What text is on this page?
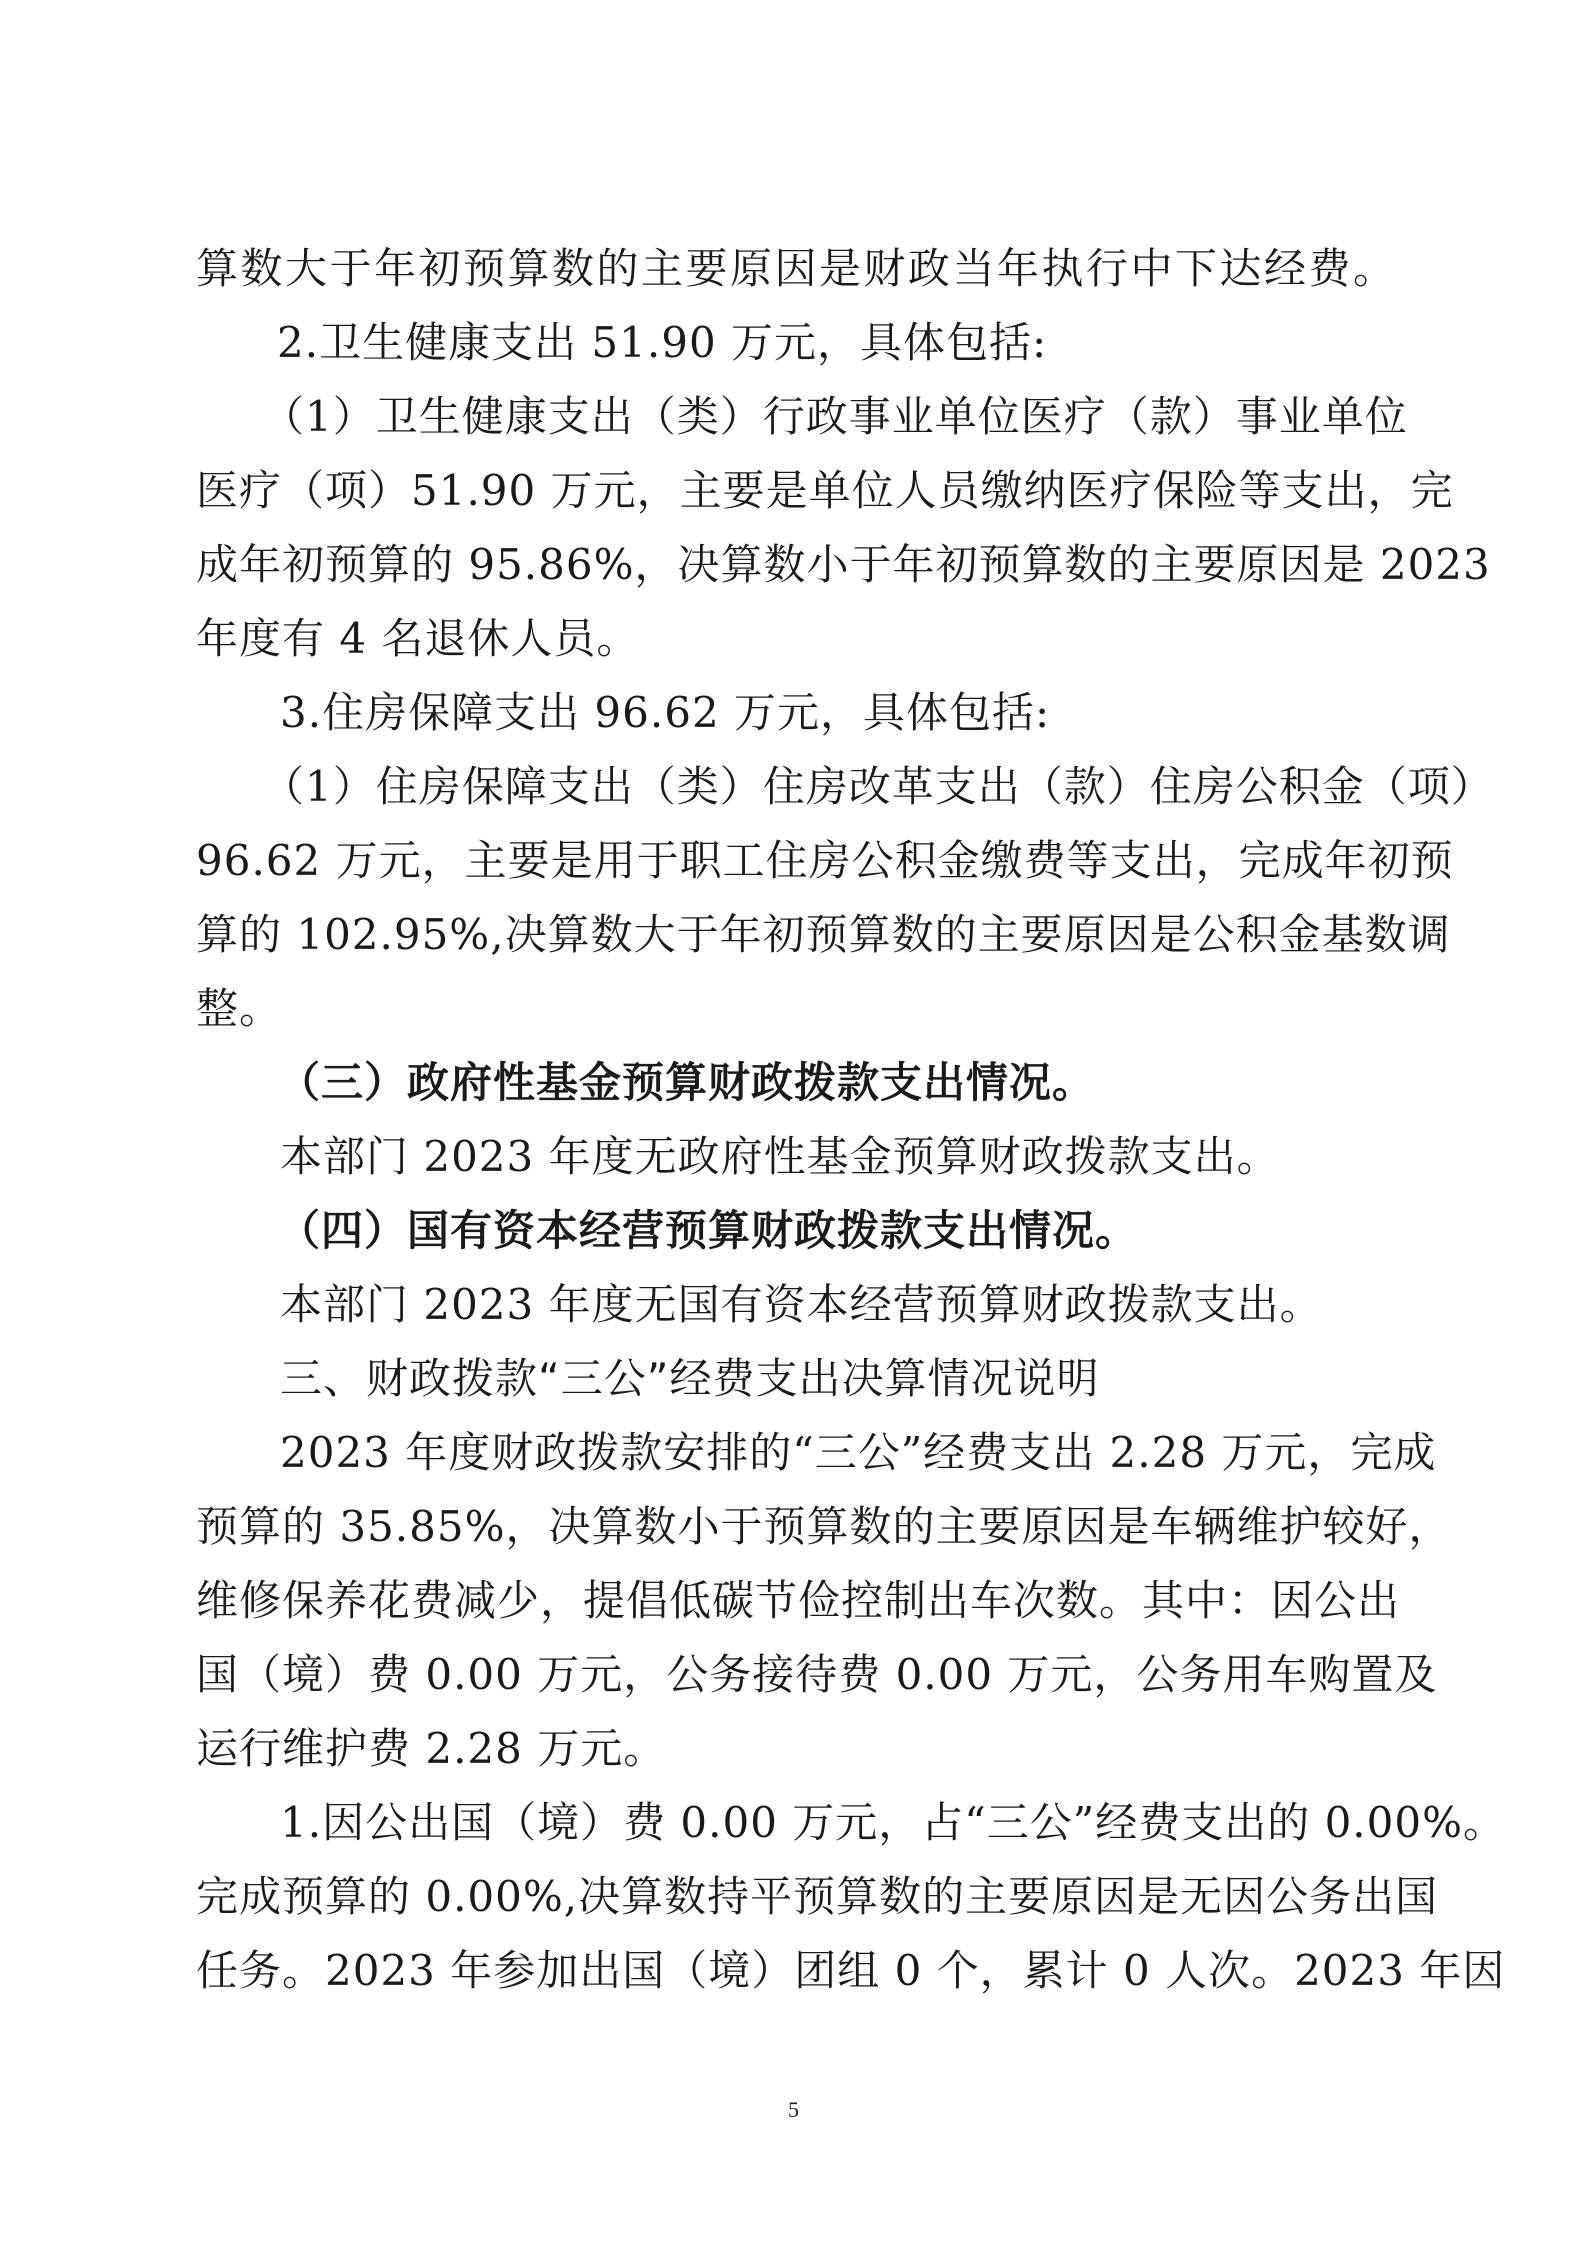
算数大于年初预算数的主要原因是财政当年执行中下达经费。
2.卫生健康支出 51.90 万元，具体包括:
（1）卫生健康支出（类）行政事业单位医疗（款）事业单位
医疗（项）51.90 万元，主要是单位人员缴纳医疗保险等支出，完
成年初预算的 95.86%，决算数小于年初预算数的主要原因是 2023
年度有 4 名退休人员。
3.住房保障支出 96.62 万元，具体包括:
（1）住房保障支出（类）住房改革支出（款）住房公积金（项）
96.62 万元，主要是用于职工住房公积金缴费等支出，完成年初预
算的 102.95%,决算数大于年初预算数的主要原因是公积金基数调
整。
（三）政府性基金预算财政拨款支出情况。
本部门 2023 年度无政府性基金预算财政拨款支出。
（四）国有资本经营预算财政拨款支出情况。
本部门 2023 年度无国有资本经营预算财政拨款支出。
三、财政拨款“三公”经费支出决算情况说明
2023 年度财政拨款安排的“三公”经费支出 2.28 万元，完成
预算的 35.85%，决算数小于预算数的主要原因是车辆维护较好，
维修保养花费减少，提倡低碳节俭控制出车次数。其中：因公出
国（境）费 0.00 万元，公务接待费 0.00 万元，公务用车购置及
运行维护费 2.28 万元。
1.因公出国（境）费 0.00 万元，占“三公”经费支出的 0.00%。
完成预算的 0.00%,决算数持平预算数的主要原因是无因公务出国
任务。2023 年参加出国（境）团组 0 个，累计 0 人次。2023 年因
5
